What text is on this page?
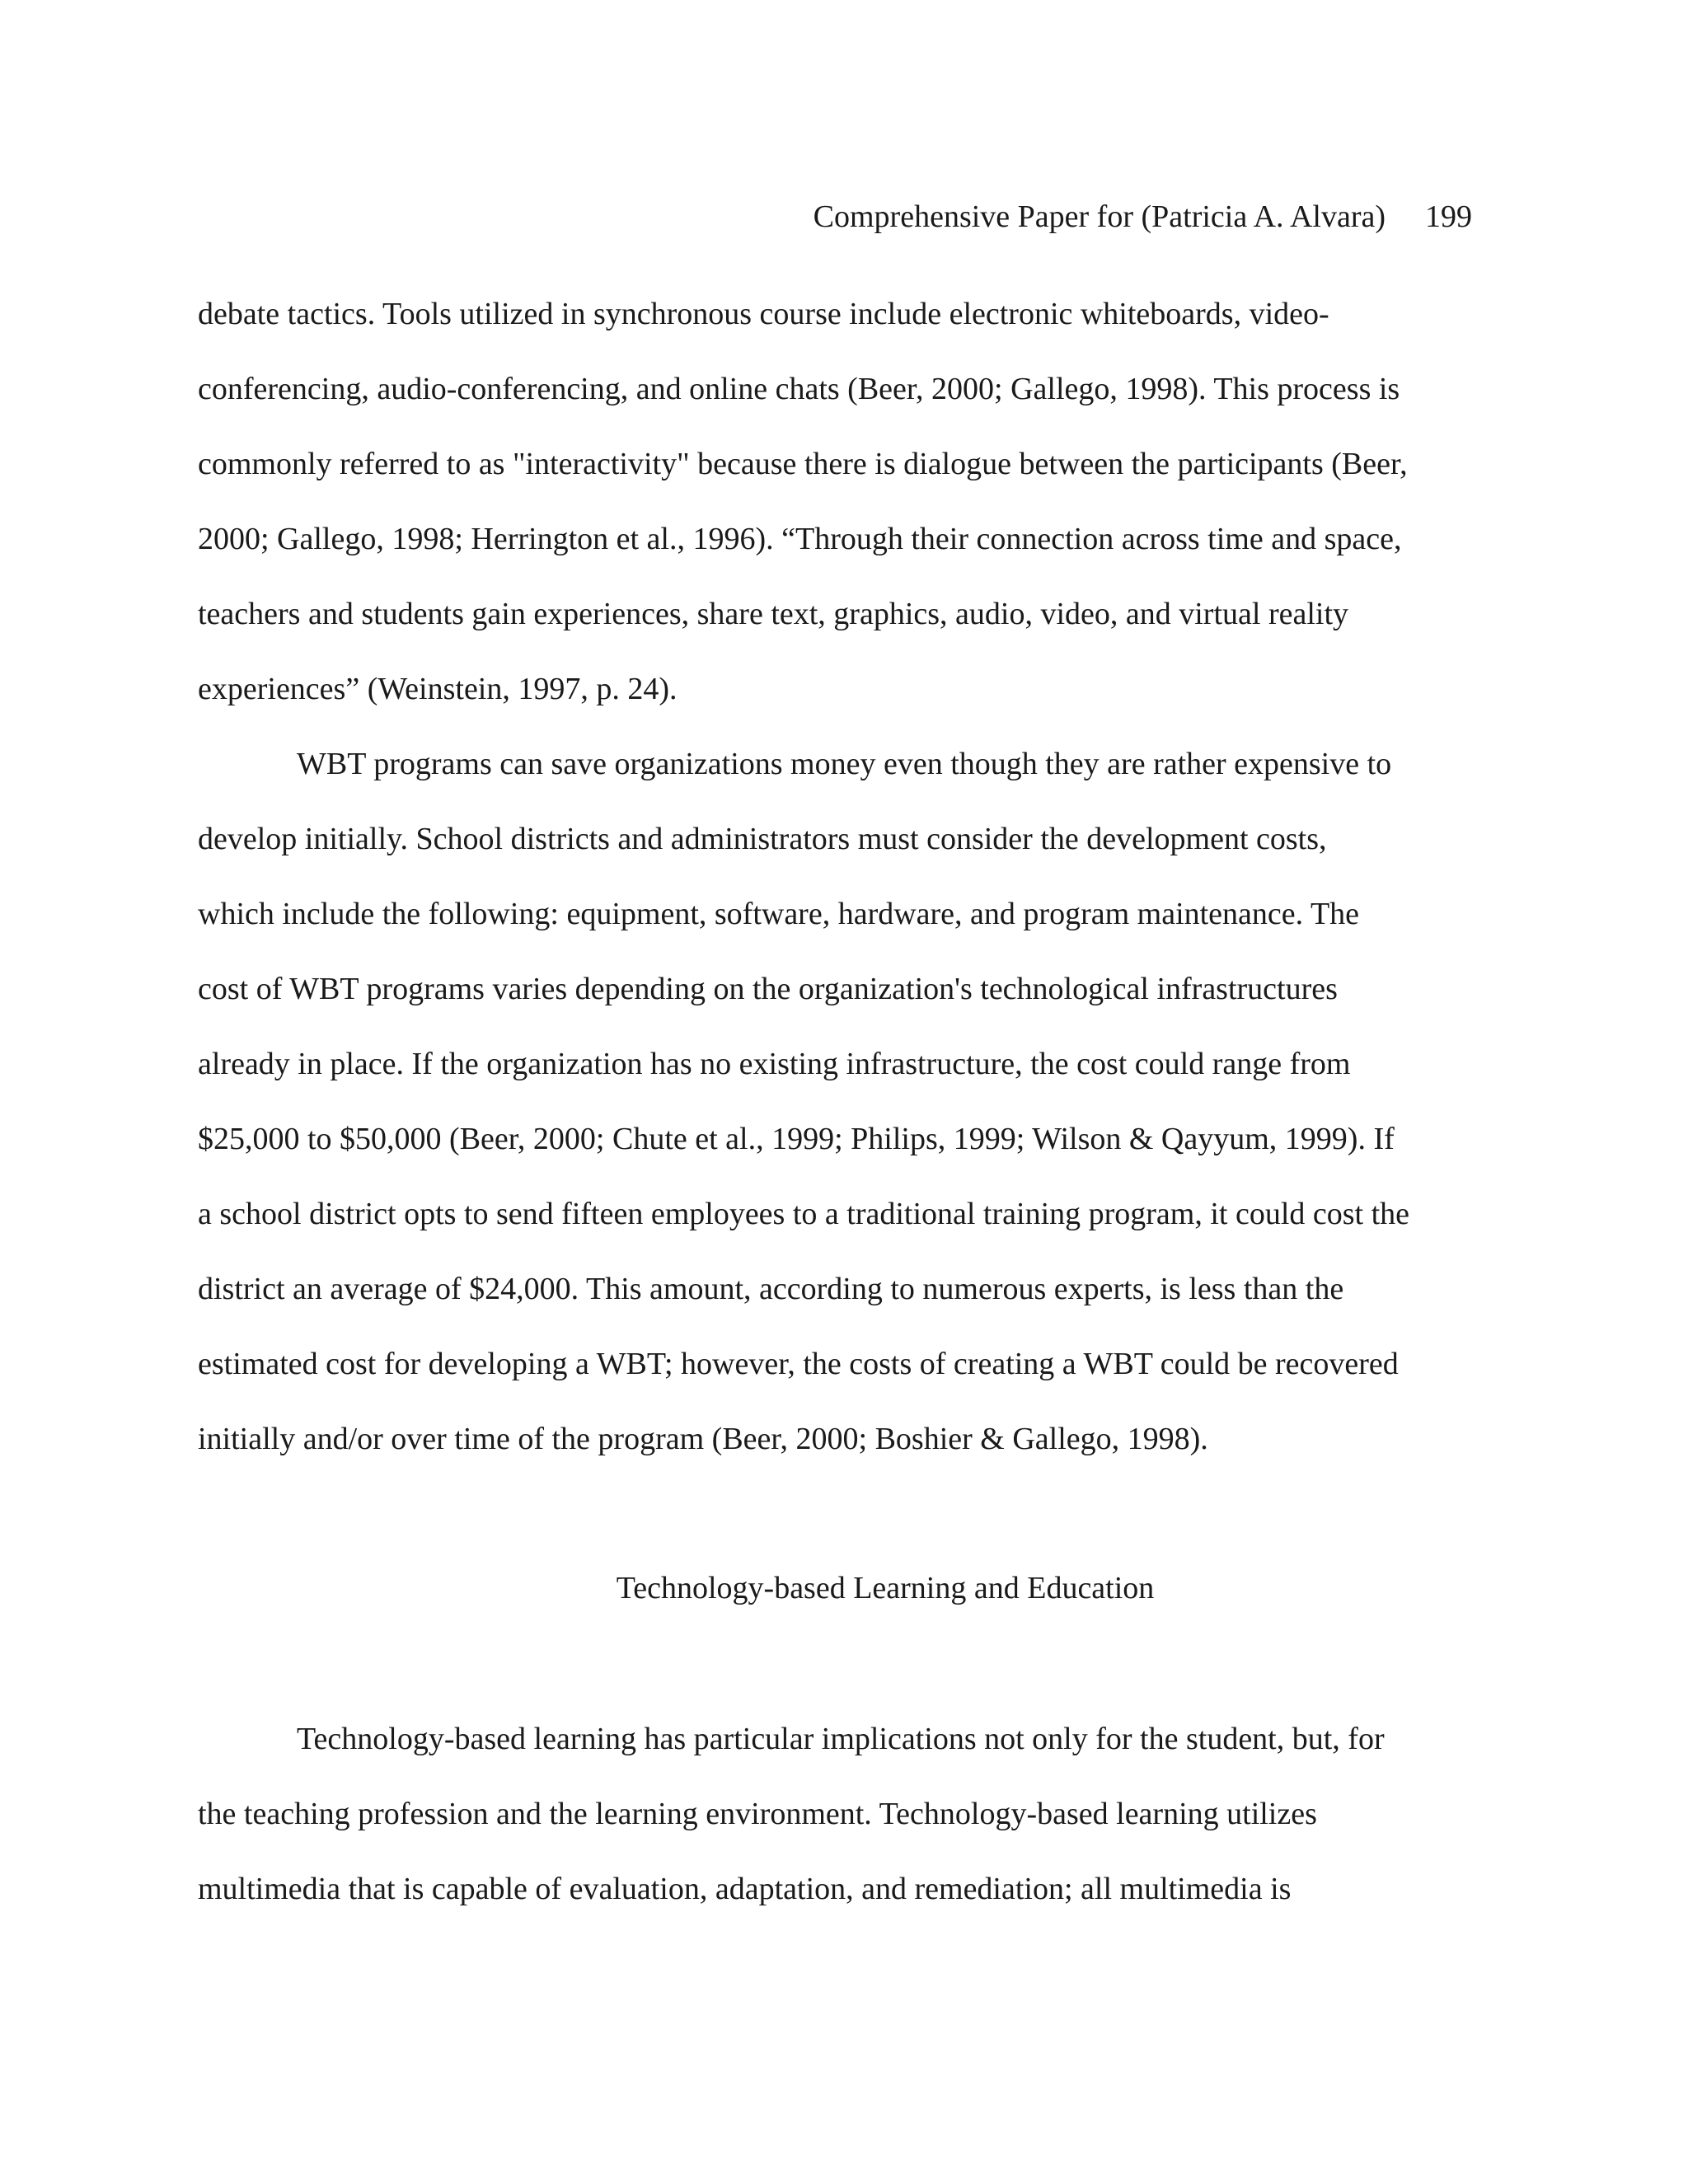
Comprehensive Paper for (Patricia A. Alvara) 199
debate tactics. Tools utilized in synchronous course include electronic whiteboards, video-
conferencing, audio-conferencing, and online chats (Beer, 2000; Gallego, 1998). This process is
commonly referred to as "interactivity" because there is dialogue between the participants (Beer,
2000; Gallego, 1998; Herrington et al., 1996). “Through their connection across time and space,
teachers and students gain experiences, share text, graphics, audio, video, and virtual reality
experiences” (Weinstein, 1997, p. 24).
WBT programs can save organizations money even though they are rather expensive to
develop initially. School districts and administrators must consider the development costs,
which include the following: equipment, software, hardware, and program maintenance. The
cost of WBT programs varies depending on the organization's technological infrastructures
already in place. If the organization has no existing infrastructure, the cost could range from
$25,000 to $50,000 (Beer, 2000; Chute et al., 1999; Philips, 1999; Wilson & Qayyum, 1999). If
a school district opts to send fifteen employees to a traditional training program, it could cost the
district an average of $24,000. This amount, according to numerous experts, is less than the
estimated cost for developing a WBT; however, the costs of creating a WBT could be recovered
initially and/or over time of the program (Beer, 2000; Boshier & Gallego, 1998).
Technology-based Learning and Education
Technology-based learning has particular implications not only for the student, but, for
the teaching profession and the learning environment. Technology-based learning utilizes
multimedia that is capable of evaluation, adaptation, and remediation; all multimedia is
